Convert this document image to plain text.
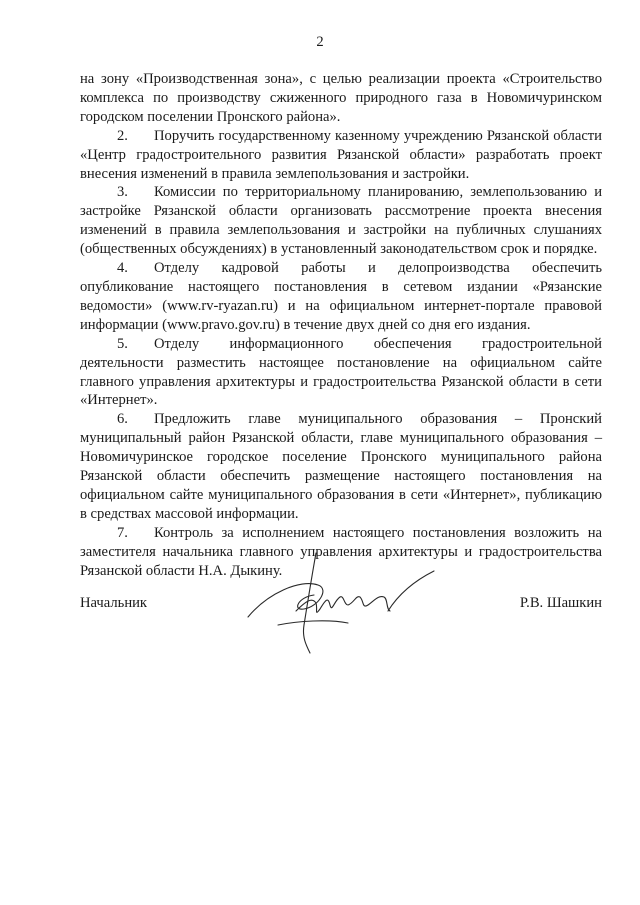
2

на зону «Производственная зона», с целью реализации проекта «Строительство комплекса по производству сжиженного природного газа в Новомичуринском городском поселении Пронского района».

2. Поручить государственному казенному учреждению Рязанской области «Центр градостроительного развития Рязанской области» разработать проект внесения изменений в правила землепользования и застройки.

3. Комиссии по территориальному планированию, землепользованию и застройке Рязанской области организовать рассмотрение проекта внесения изменений в правила землепользования и застройки на публичных слушаниях (общественных обсуждениях) в установленный законодательством срок и порядке.

4. Отделу кадровой работы и делопроизводства обеспечить опубликование настоящего постановления в сетевом издании «Рязанские ведомости» (www.rv-ryazan.ru) и на официальном интернет-портале правовой информации (www.pravo.gov.ru) в течение двух дней со дня его издания.

5. Отделу информационного обеспечения градостроительной деятельности разместить настоящее постановление на официальном сайте главного управления архитектуры и градостроительства Рязанской области в сети «Интернет».

6. Предложить главе муниципального образования – Пронский муниципальный район Рязанской области, главе муниципального образования – Новомичуринское городское поселение Пронского муниципального района Рязанской области обеспечить размещение настоящего постановления на официальном сайте муниципального образования в сети «Интернет», публикацию в средствах массовой информации.

7. Контроль за исполнением настоящего постановления возложить на заместителя начальника главного управления архитектуры и градостроительства Рязанской области Н.А. Дыкину.

Начальник	Р.В. Шашкин
